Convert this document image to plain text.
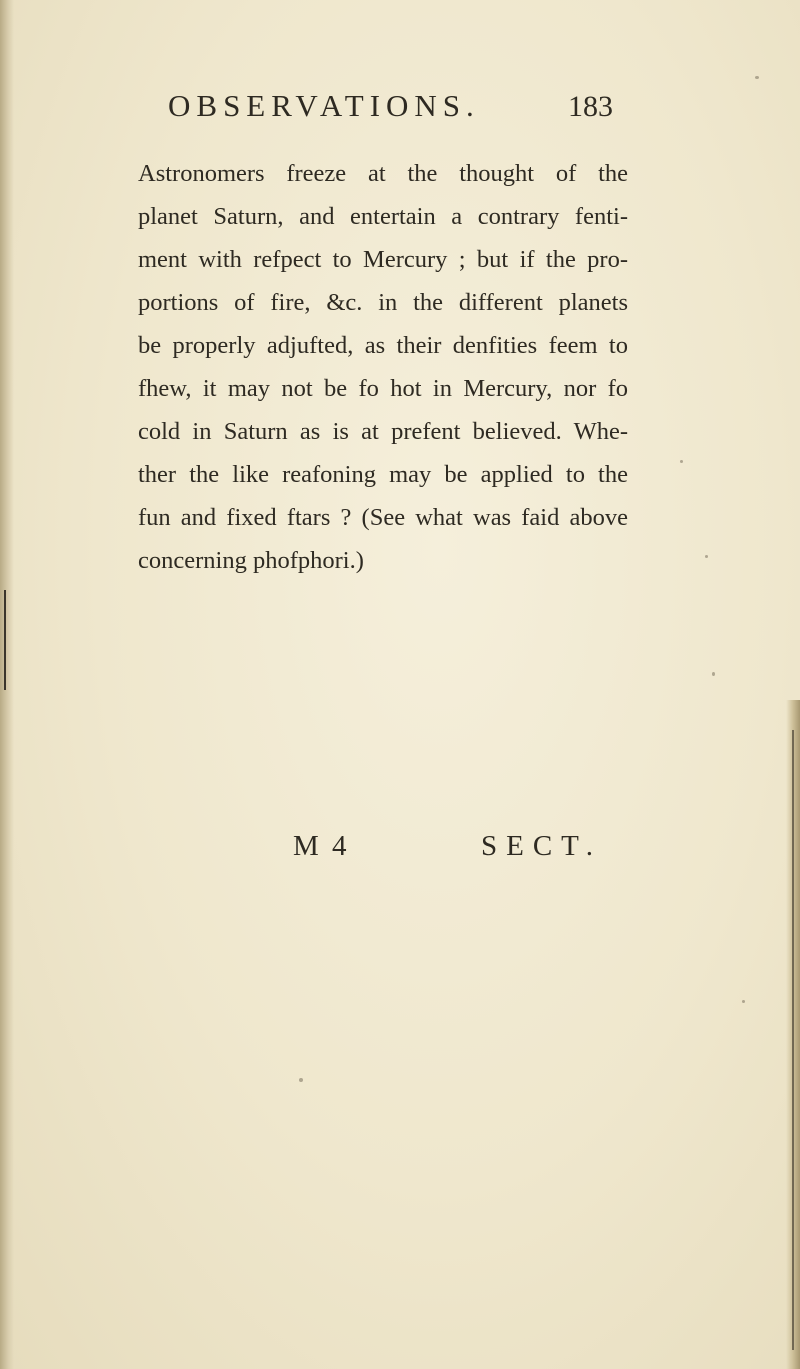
OBSERVATIONS.	183
Astronomers freeze at the thought of the
planet Saturn, and entertain a contrary fenti-
ment with refpect to Mercury ; but if the pro-
portions of fire, &c. in the different planets
be properly adjufted, as their denfities feem to
fhew, it may not be fo hot in Mercury, nor fo
cold in Saturn as is at prefent believed. Whe-
ther the like reafoning may be applied to the
fun and fixed ftars ? (See what was faid above
concerning phofphori.)
M 4	SECT.
